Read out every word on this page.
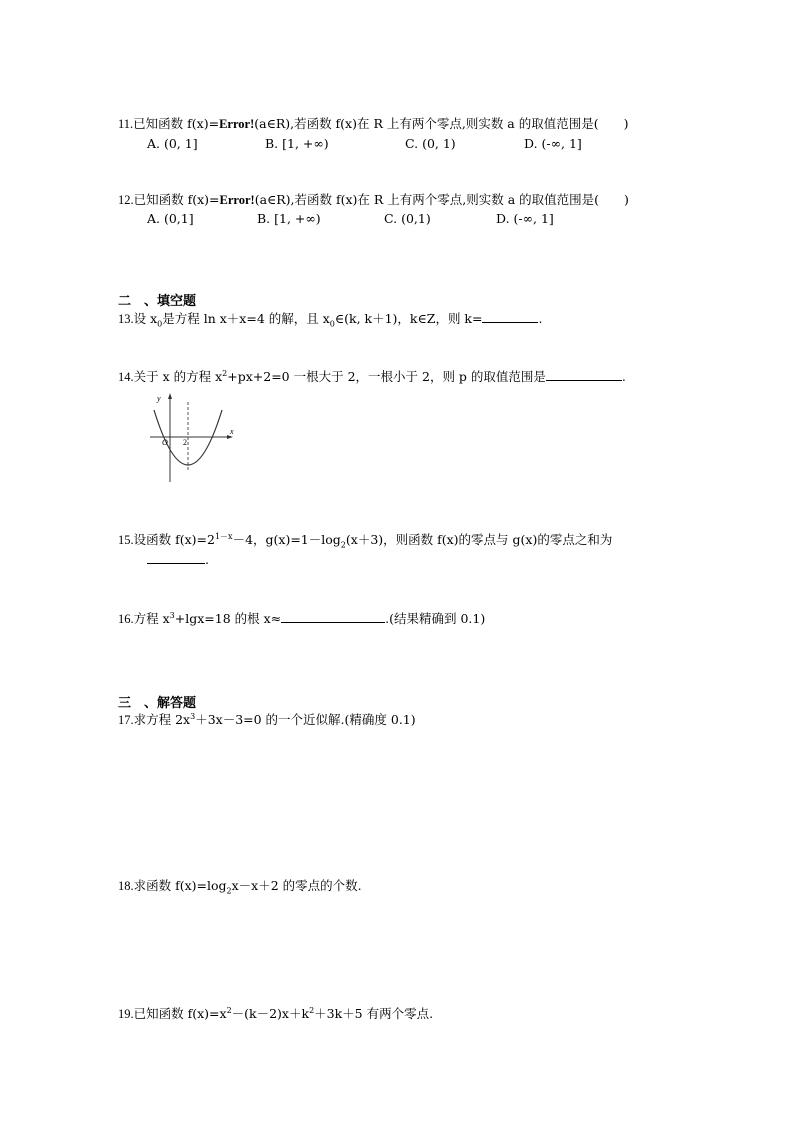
11.已知函数 f(x)=Error!(a∈R),若函数 f(x)在 R 上有两个零点,则实数 a 的取值范围是(　　)
A. (0, 1]	B. [1, +∞)	C. (0, 1)	D. (-∞, 1]
12.已知函数 f(x)=Error!(a∈R),若函数 f(x)在 R 上有两个零点,则实数 a 的取值范围是(　　)
A. (0,1]	B. [1, +∞)	C. (0,1)	D. (-∞, 1]
二　、填空题
13.设 $x_0$是方程 ln x＋x=4 的解，且 $x_0\in(k$, k＋1)，k∈Z，则 k=	.
14.关于 x 的方程 $x^2+px+2=0$ 一根大于 2，一根小于 2，则 p 的取值范围是	.
y
x
O 2
15.设函数 $f(x)=2^{1-x}-4$，$g(x)=1-\log_2(x+3)$，则函数 f(x)的零点与 g(x)的零点之和为
.
16.方程 $x^3+\lg x=18$ 的根 x≈	.(结果精确到 0.1)
三　、解答题
17.求方程 $2x^3+3x-3=0$ 的一个近似解.(精确度 0.1)
18.求函数 $f(x)=\log_2x-x+2$ 的零点的个数.
19.已知函数 $f(x)=x^2-(k-2)x+k^2+3k+5$ 有两个零点.
